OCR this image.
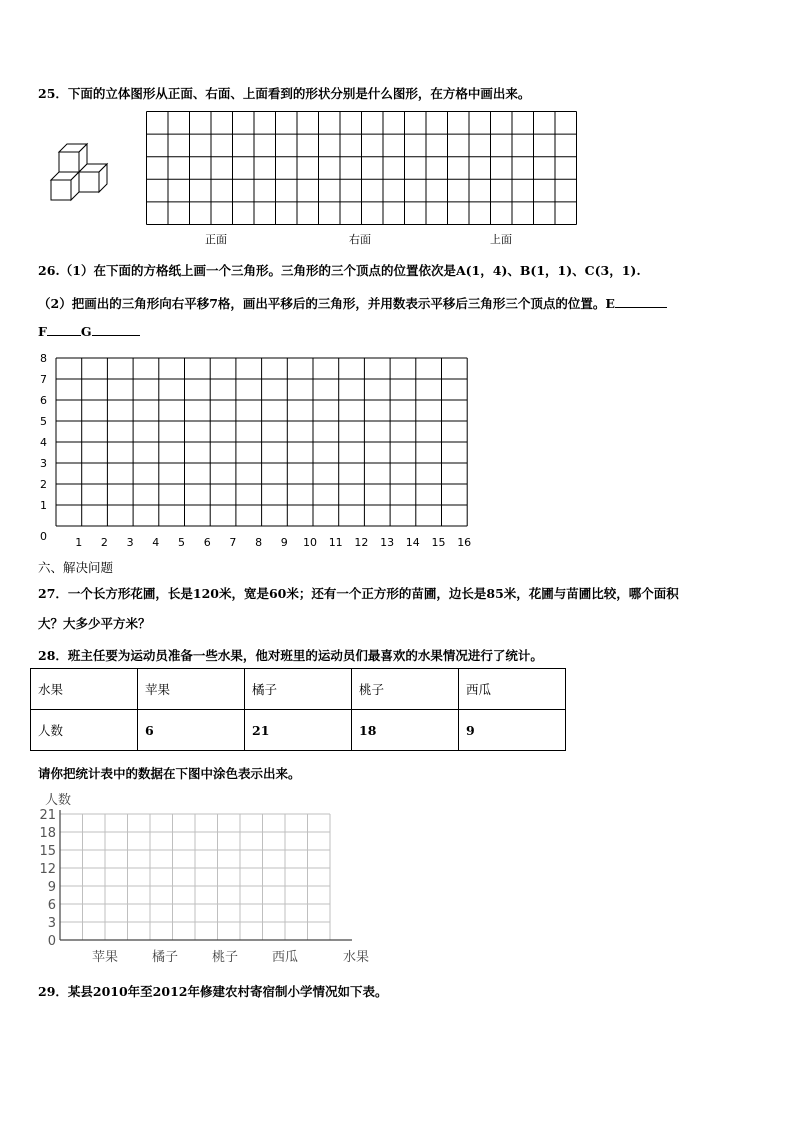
25．下面的立体图形从正面、右面、上面看到的形状分别是什么图形，在方格中画出来。
正面	右面	上面
26.（1）在下面的方格纸上画一个三角形。三角形的三个顶点的位置依次是A(1，4)、B(1，1)、C(3，1).
（2）把画出的三角形向右平移7格，画出平移后的三角形，并用数表示平移后三角形三个顶点的位置。E
F	G
0
1
2
3
4
5
6
7
8
1 2 3 4 5 6 7 8 9 10 11 12 13 14 15 16
六、解决问题
27．一个长方形花圃，长是120米，宽是60米；还有一个正方形的苗圃，边长是85米，花圃与苗圃比较，哪个面积
大？大多少平方米？
28．班主任要为运动员准备一些水果，他对班里的运动员们最喜欢的水果情况进行了统计。
水果	苹果	橘子	桃子	西瓜
人数	6	21	18	9
请你把统计表中的数据在下图中涂色表示出来。
人数
0
3
6
9
12
15
18
21
苹果	橘子	桃子	西瓜	水果
29．某县2010年至2012年修建农村寄宿制小学情况如下表。
